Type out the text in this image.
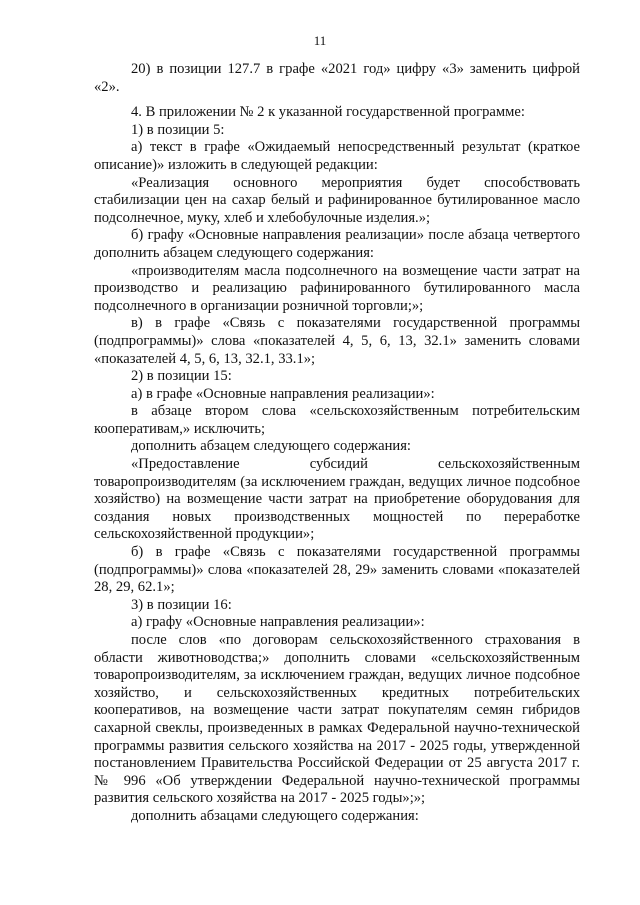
11

20) в позиции 127.7 в графе «2021 год» цифру «3» заменить цифрой «2».

4. В приложении № 2 к указанной государственной программе:

1) в позиции 5:

а) текст в графе «Ожидаемый непосредственный результат (краткое описание)» изложить в следующей редакции:

«Реализация основного мероприятия будет способствовать стабилизации цен на сахар белый и рафинированное бутилированное масло подсолнечное, муку, хлеб и хлебобулочные изделия.»;

б) графу «Основные направления реализации» после абзаца четвертого дополнить абзацем следующего содержания:

«производителям масла подсолнечного на возмещение части затрат на производство и реализацию рафинированного бутилированного масла подсолнечного в организации розничной торговли;»;

в) в графе «Связь с показателями государственной программы (подпрограммы)» слова «показателей 4, 5, 6, 13, 32.1» заменить словами «показателей 4, 5, 6, 13, 32.1, 33.1»;

2) в позиции 15:

а) в графе «Основные направления реализации»:

в абзаце втором слова «сельскохозяйственным потребительским кооперативам,» исключить;

дополнить абзацем следующего содержания:

«Предоставление субсидий сельскохозяйственным товаропроизводителям (за исключением граждан, ведущих личное подсобное хозяйство) на возмещение части затрат на приобретение оборудования для создания новых производственных мощностей по переработке сельскохозяйственной продукции»;

б) в графе «Связь с показателями государственной программы (подпрограммы)» слова «показателей 28, 29» заменить словами «показателей 28, 29, 62.1»;

3) в позиции 16:

а) графу «Основные направления реализации»:

после слов «по договорам сельскохозяйственного страхования в области животноводства;» дополнить словами «сельскохозяйственным товаропроизводителям, за исключением граждан, ведущих личное подсобное хозяйство, и сельскохозяйственных кредитных потребительских кооперативов, на возмещение части затрат покупателям семян гибридов сахарной свеклы, произведенных в рамках Федеральной научно-технической программы развития сельского хозяйства на 2017 - 2025 годы, утвержденной постановлением Правительства Российской Федерации от 25 августа 2017 г. № 996 «Об утверждении Федеральной научно-технической программы развития сельского хозяйства на 2017 - 2025 годы»;»;

дополнить абзацами следующего содержания:
